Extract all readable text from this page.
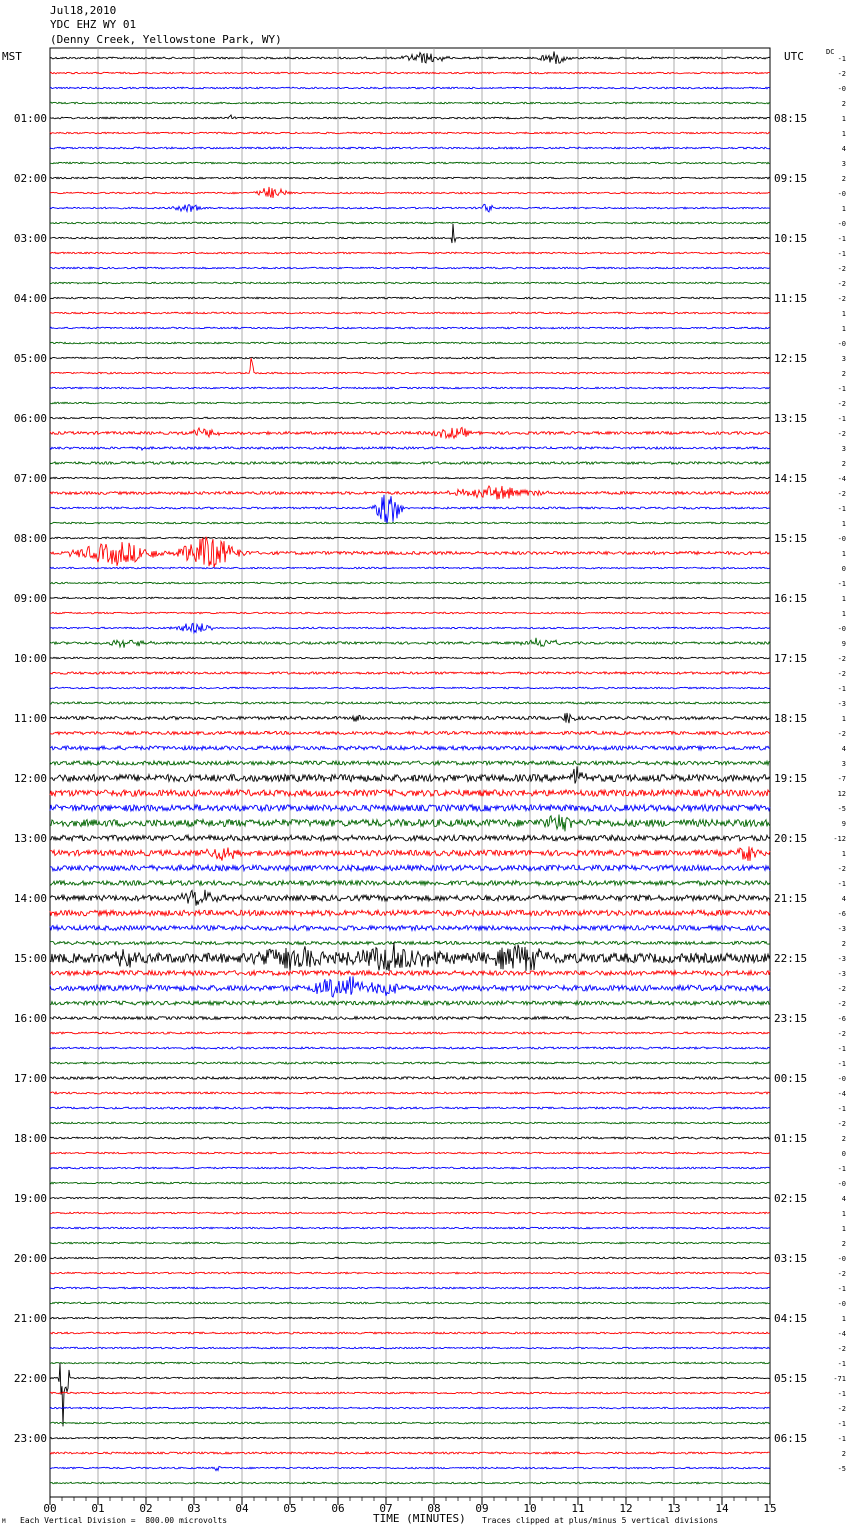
Jul18,2010
YDC EHZ WY 01
(Denny Creek, Yellowstone Park, WY)
MST	UTC	DC
00	01	02	03	04	05	06	07	08	09	10	11	12	13	14	15
-1
-2
-0
2
1
1
4
3
2
-0
1
-0
-1
-1
-2
-2
-2
1
1
-0
3
2
-1
-2
-1
-2
3
2
-4
-2
-1
1
-0
1
0
-1
1
1
-0
9
-2
-2
-1
-3
1
-2
4
3
-7
12
-5
9
-12
1
-2
-1
4
-6
-3
2
-3
-3
-2
-2
-6
-2
-1
-1
-0
-4
-1
-2
2
0
-1
-0
4
1
1
2
-0
-2
-1
-0
1
-4
-2
-1
-71
-1
-2
-1
-1
2
-5
01:00
02:00
03:00
04:00
05:00
06:00
07:00
08:00
09:00
10:00
11:00
12:00
13:00
14:00
15:00
16:00
17:00
18:00
19:00
20:00
21:00
22:00
23:00
08:15
09:15
10:15
11:15
12:15
13:15
14:15
15:15
16:15
17:15
18:15
19:15
20:15
21:15
22:15
23:15
00:15
01:15
02:15
03:15
04:15
05:15
06:15
TIME (MINUTES)
Each Vertical Division =  800.00 microvolts	Traces clipped at plus/minus 5 vertical divisions
M
